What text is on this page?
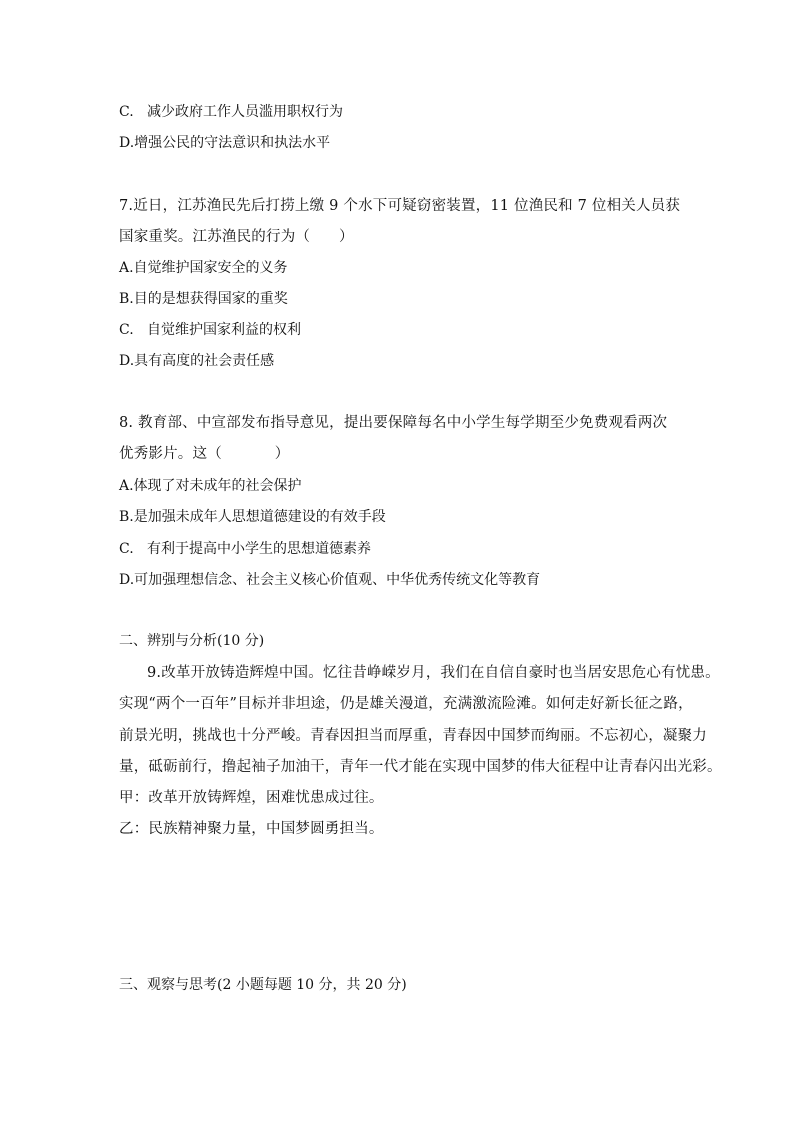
C.   减少政府工作人员滥用职权行为
D.增强公民的守法意识和执法水平
7.近日，江苏渔民先后打捞上缴 9 个水下可疑窃密装置，11 位渔民和 7 位相关人员获
国家重奖。江苏渔民的行为（      ）
A.自觉维护国家安全的义务
B.目的是想获得国家的重奖
C.   自觉维护国家利益的权利
D.具有高度的社会责任感
8. 教育部、中宣部发布指导意见，提出要保障每名中小学生每学期至少免费观看两次
优秀影片。这（           ）
A.体现了对未成年的社会保护
B.是加强未成年人思想道德建设的有效手段
C.   有利于提高中小学生的思想道德素养
D.可加强理想信念、社会主义核心价值观、中华优秀传统文化等教育
二、辨别与分析(10 分)
9.改革开放铸造辉煌中国。忆往昔峥嵘岁月，我们在自信自豪时也当居安思危心有忧患。
实现“两个一百年”目标并非坦途，仍是雄关漫道，充满激流险滩。如何走好新长征之路，
前景光明，挑战也十分严峻。青春因担当而厚重，青春因中国梦而绚丽。不忘初心，凝聚力
量，砥砺前行，撸起袖子加油干，青年一代才能在实现中国梦的伟大征程中让青春闪出光彩。
甲：改革开放铸辉煌，困难忧患成过往。
乙：民族精神聚力量，中国梦圆勇担当。
三、观察与思考(2 小题每题 10 分，共 20 分)
